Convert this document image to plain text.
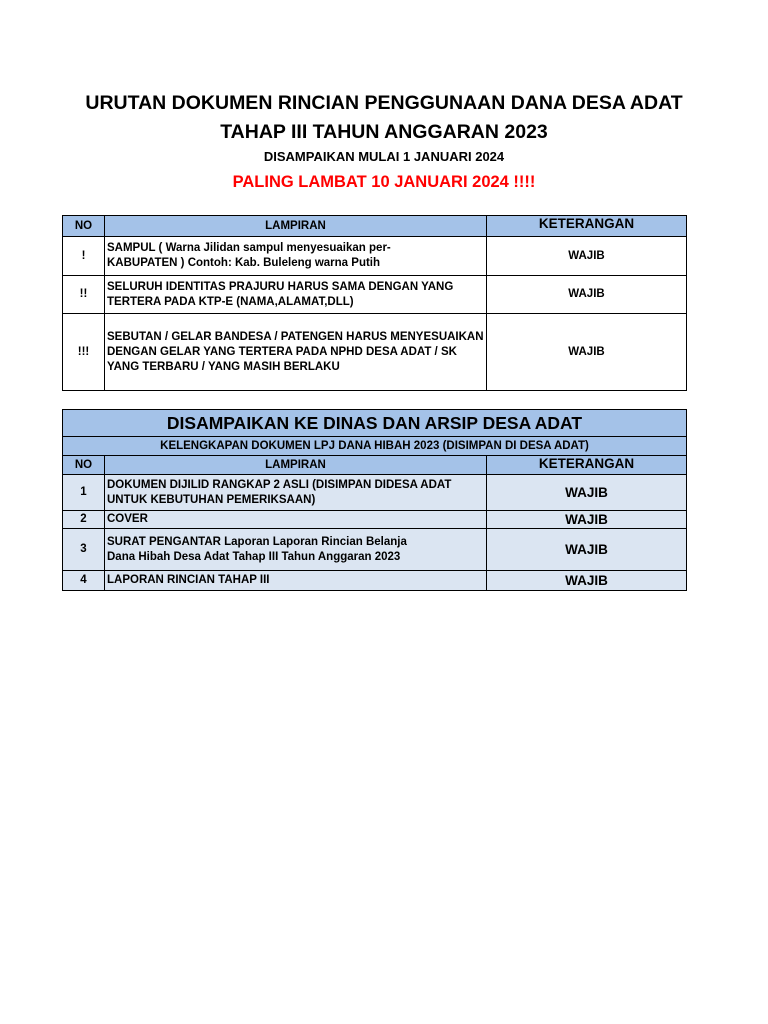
URUTAN DOKUMEN RINCIAN PENGGUNAAN DANA DESA ADAT
TAHAP III TAHUN ANGGARAN 2023
DISAMPAIKAN MULAI 1 JANUARI 2024
PALING LAMBAT 10 JANUARI 2024 !!!!
NO	LAMPIRAN	KETERANGAN
!	SAMPUL ( Warna Jilidan sampul menyesuaikan per-
KABUPATEN ) Contoh: Kab. Buleleng warna Putih	WAJIB
!!	SELURUH IDENTITAS PRAJURU HARUS SAMA DENGAN YANG
TERTERA PADA KTP-E (NAMA,ALAMAT,DLL)	WAJIB
!!!	SEBUTAN / GELAR BANDESA / PATENGEN HARUS MENYESUAIKAN
DENGAN GELAR YANG TERTERA PADA NPHD DESA ADAT / SK
YANG TERBARU / YANG MASIH BERLAKU	WAJIB
DISAMPAIKAN KE DINAS DAN ARSIP DESA ADAT		
KELENGKAPAN DOKUMEN LPJ DANA HIBAH 2023 (DISIMPAN DI DESA ADAT)		
NO	LAMPIRAN	KETERANGAN
1	DOKUMEN DIJILID RANGKAP 2 ASLI (DISIMPAN DIDESA ADAT
UNTUK KEBUTUHAN PEMERIKSAAN)	WAJIB
2	COVER	WAJIB
3	SURAT PENGANTAR Laporan Laporan Rincian Belanja
Dana Hibah Desa Adat Tahap III Tahun Anggaran 2023	WAJIB
4	LAPORAN RINCIAN TAHAP III	WAJIB
